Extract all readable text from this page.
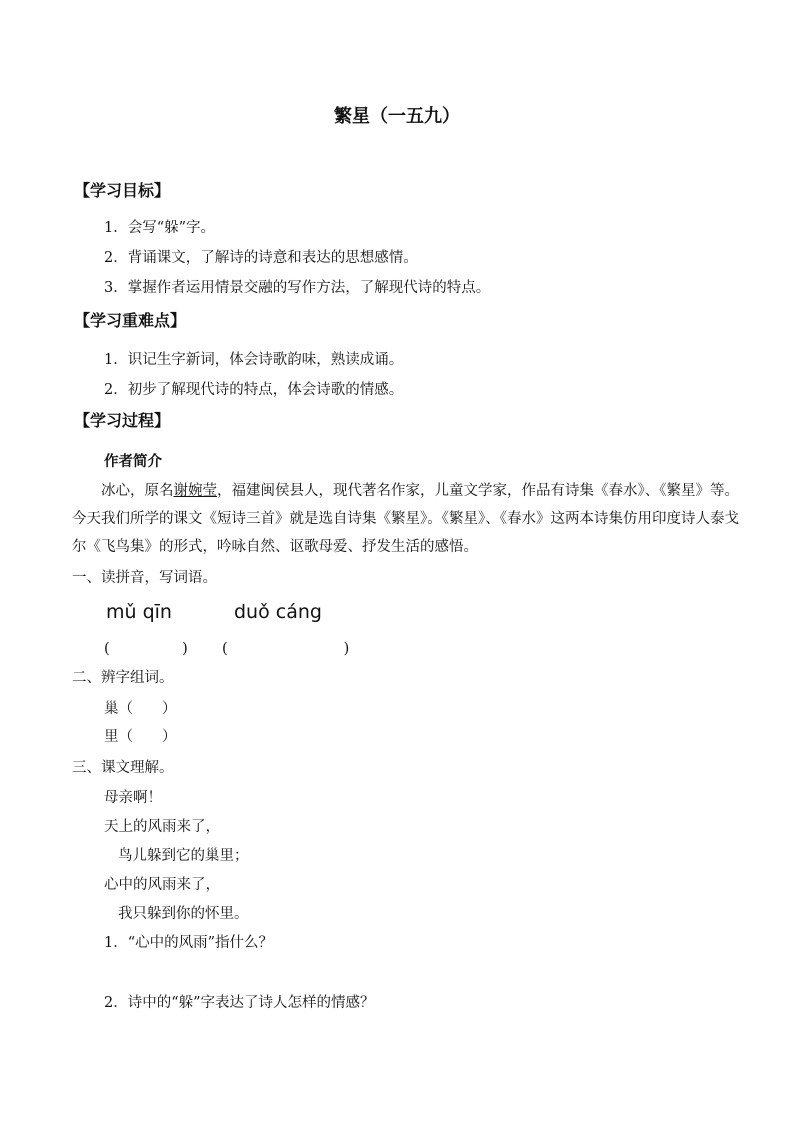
繁星（一五九）
【学习目标】
1．会写“躲”字。
2．背诵课文，了解诗的诗意和表达的思想感情。
3．掌握作者运用情景交融的写作方法，了解现代诗的特点。
【学习重难点】
1．识记生字新词，体会诗歌韵味，熟读成诵。
2．初步了解现代诗的特点，体会诗歌的情感。
【学习过程】
作者简介
冰心，原名谢婉莹，福建闽侯县人，现代著名作家，儿童文学家，作品有诗集《春水》、《繁星》等。今天我们所学的课文《短诗三首》就是选自诗集《繁星》。《繁星》、《春水》这两本诗集仿用印度诗人泰戈尔《飞鸟集》的形式，吟咏自然、讴歌母爱、抒发生活的感悟。
一、读拼音，写词语。
mǔ qīn	duǒ cáng
(　　　　　) (　　　　　　　　)
二、辨字组词。
巢（　　）
里（　　）
三、课文理解。
母亲啊！
天上的风雨来了，
鸟儿躲到它的巢里；
心中的风雨来了，
我只躲到你的怀里。
1．“心中的风雨”指什么？
2．诗中的“躲”字表达了诗人怎样的情感？
